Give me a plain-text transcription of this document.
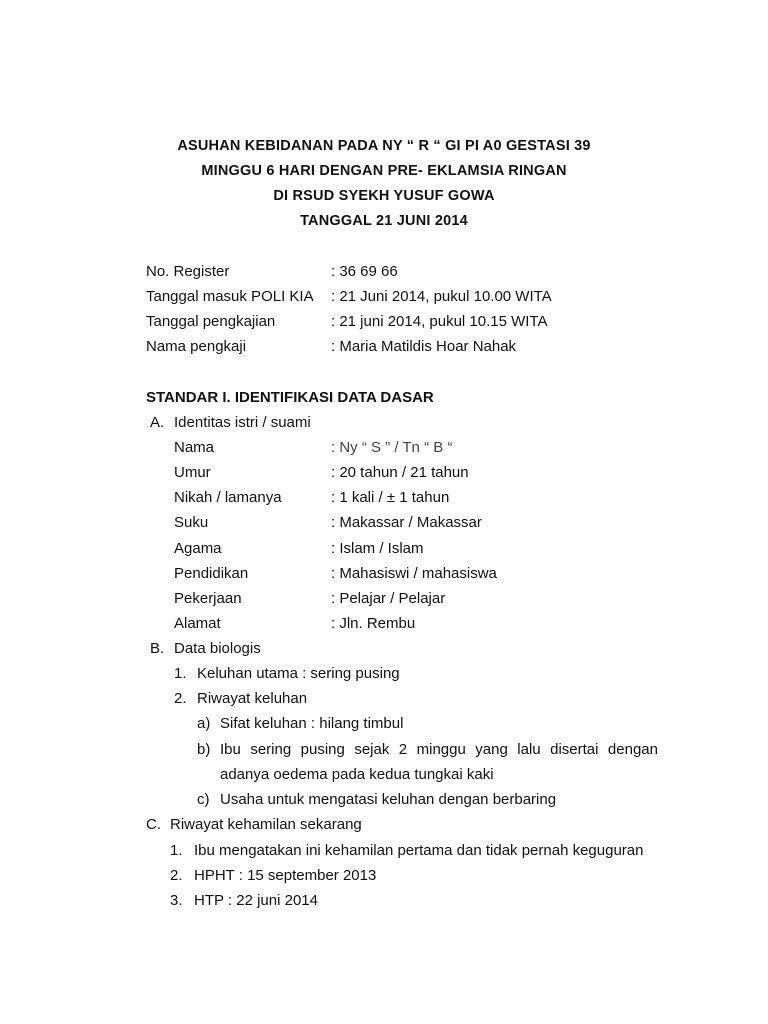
ASUHAN KEBIDANAN PADA NY “ R “ GI PI A0 GESTASI 39
MINGGU 6 HARI DENGAN PRE- EKLAMSIA RINGAN
DI RSUD SYEKH YUSUF GOWA
TANGGAL 21 JUNI 2014
No. Register	: 36 69 66
Tanggal masuk POLI KIA : 21 Juni 2014, pukul 10.00 WITA
Tanggal pengkajian	: 21 juni 2014, pukul 10.15 WITA
Nama pengkaji	: Maria Matildis Hoar Nahak
STANDAR I. IDENTIFIKASI DATA DASAR
A. Identitas istri / suami
Nama	: Ny “ S ” / Tn “ B “
Umur	: 20 tahun / 21 tahun
Nikah / lamanya	: 1 kali / ± 1 tahun
Suku	: Makassar / Makassar
Agama	: Islam / Islam
Pendidikan	: Mahasiswi / mahasiswa
Pekerjaan	: Pelajar / Pelajar
Alamat	: Jln. Rembu
B. Data biologis
1. Keluhan utama : sering pusing
2. Riwayat keluhan
a) Sifat keluhan : hilang timbul
b) Ibu sering pusing sejak 2 minggu yang lalu disertai dengan
adanya oedema pada kedua tungkai kaki
c) Usaha untuk mengatasi keluhan dengan berbaring
C. Riwayat kehamilan sekarang
1. Ibu mengatakan ini kehamilan pertama dan tidak pernah keguguran
2. HPHT : 15 september 2013
3. HTP : 22 juni 2014
